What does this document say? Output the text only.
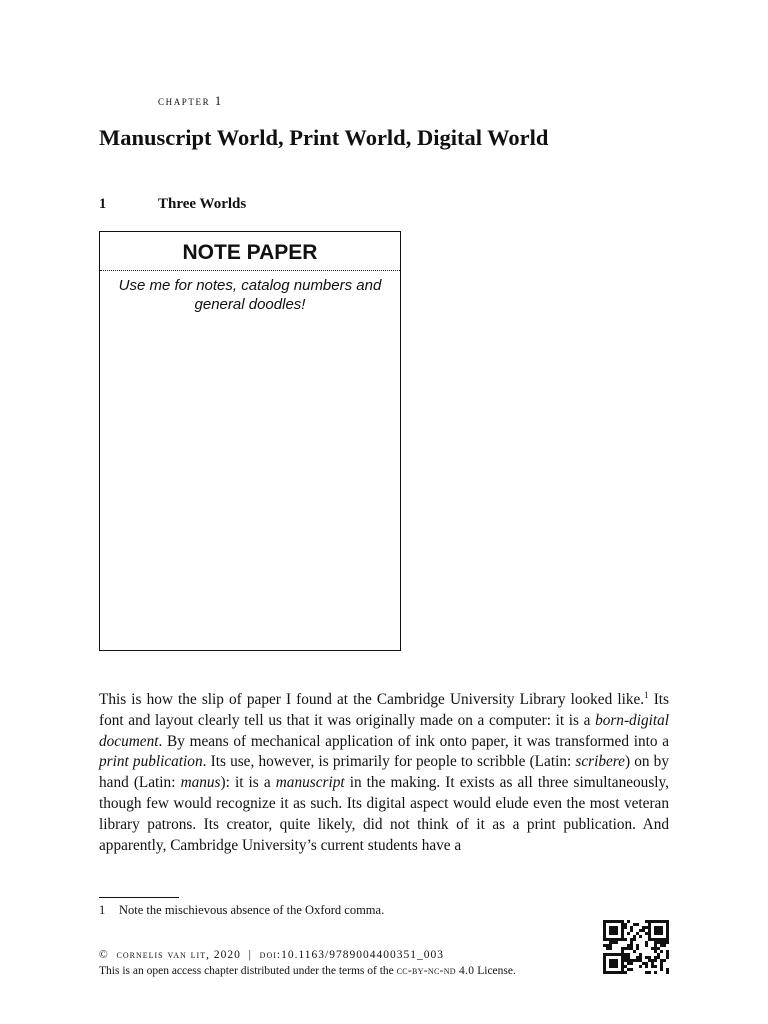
chapter 1
Manuscript World, Print World, Digital World
1	Three Worlds
NOTE PAPER
Use me for notes, catalog numbers and general doodles!

This is how the slip of paper I found at the Cambridge University Library looked like.$^1$ Its font and layout clearly tell us that it was originally made on a computer: it is a born-digital document. By means of mechanical application of ink onto paper, it was transformed into a print publication. Its use, however, is primarily for people to scribble (Latin: scribere) on by hand (Latin: manus): it is a manuscript in the making. It exists as all three simultaneously, though few would recognize it as such. Its digital aspect would elude even the most veteran library patrons. Its creator, quite likely, did not think of it as a print publication. And apparently, Cambridge University’s current students have a

1 Note the mischievous absence of the Oxford comma.
© cornelis van lit, 2020 | doi:10.1163/9789004400351_003
This is an open access chapter distributed under the terms of the cc-by-nc-nd 4.0 License.
